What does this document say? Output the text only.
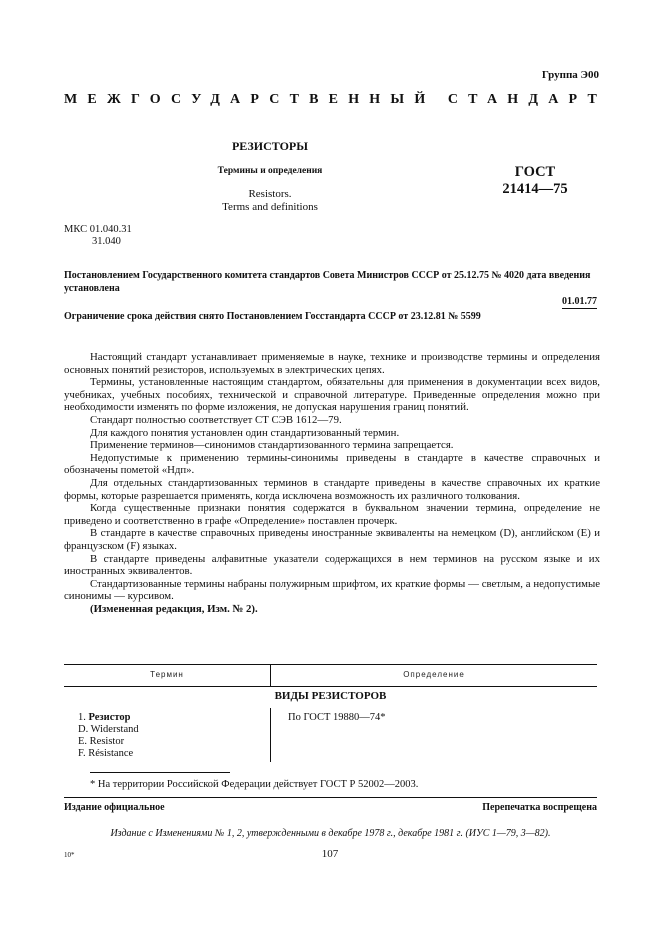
Группа Э00
МЕЖГОСУДАРСТВЕННЫЙ СТАНДАРТ
РЕЗИСТОРЫ
Термины и определения
Resistors.
Terms and definitions
ГОСТ
21414—75
МКС 01.040.31
31.040
Постановлением Государственного комитета стандартов Совета Министров СССР от 25.12.75 № 4020 дата введения установлена
01.01.77
Ограничение срока действия снято Постановлением Госстандарта СССР от 23.12.81 № 5599

Настоящий стандарт устанавливает применяемые в науке, технике и производстве термины и определения основных понятий резисторов, используемых в электрических цепях.

Термины, установленные настоящим стандартом, обязательны для применения в документации всех видов, учебниках, учебных пособиях, технической и справочной литературе. Приведенные определения можно при необходимости изменять по форме изложения, не допуская нарушения границ понятий.

Стандарт полностью соответствует СТ СЭВ 1612—79.

Для каждого понятия установлен один стандартизованный термин.

Применение терминов—синонимов стандартизованного термина запрещается.

Недопустимые к применению термины-синонимы приведены в стандарте в качестве справочных и обозначены пометой «Ндп».

Для отдельных стандартизованных терминов в стандарте приведены в качестве справочных их краткие формы, которые разрешается применять, когда исключена возможность их различного толкования.

Когда существенные признаки понятия содержатся в буквальном значении термина, определение не приведено и соответственно в графе «Определение» поставлен прочерк.

В стандарте в качестве справочных приведены иностранные эквиваленты на немецком (D), английском (Е) и французском (F) языках.

В стандарте приведены алфавитные указатели содержащихся в нем терминов на русском языке и их иностранных эквивалентов.

Стандартизованные термины набраны полужирным шрифтом, их краткие формы — светлым, а недопустимые синонимы — курсивом.

(Измененная редакция, Изм. № 2).

Термин	Определение
ВИДЫ РЕЗИСТОРОВ
1. Резистор
D. Widerstand
E. Resistor
F. Résistance
По ГОСТ 19880—74*
* На территории Российской Федерации действует ГОСТ Р 52002—2003.
Издание официальное	Перепечатка воспрещена
Издание с Изменениями № 1, 2, утвержденными в декабре 1978 г., декабре 1981 г. (ИУС 1—79, 3—82).
10*	107
